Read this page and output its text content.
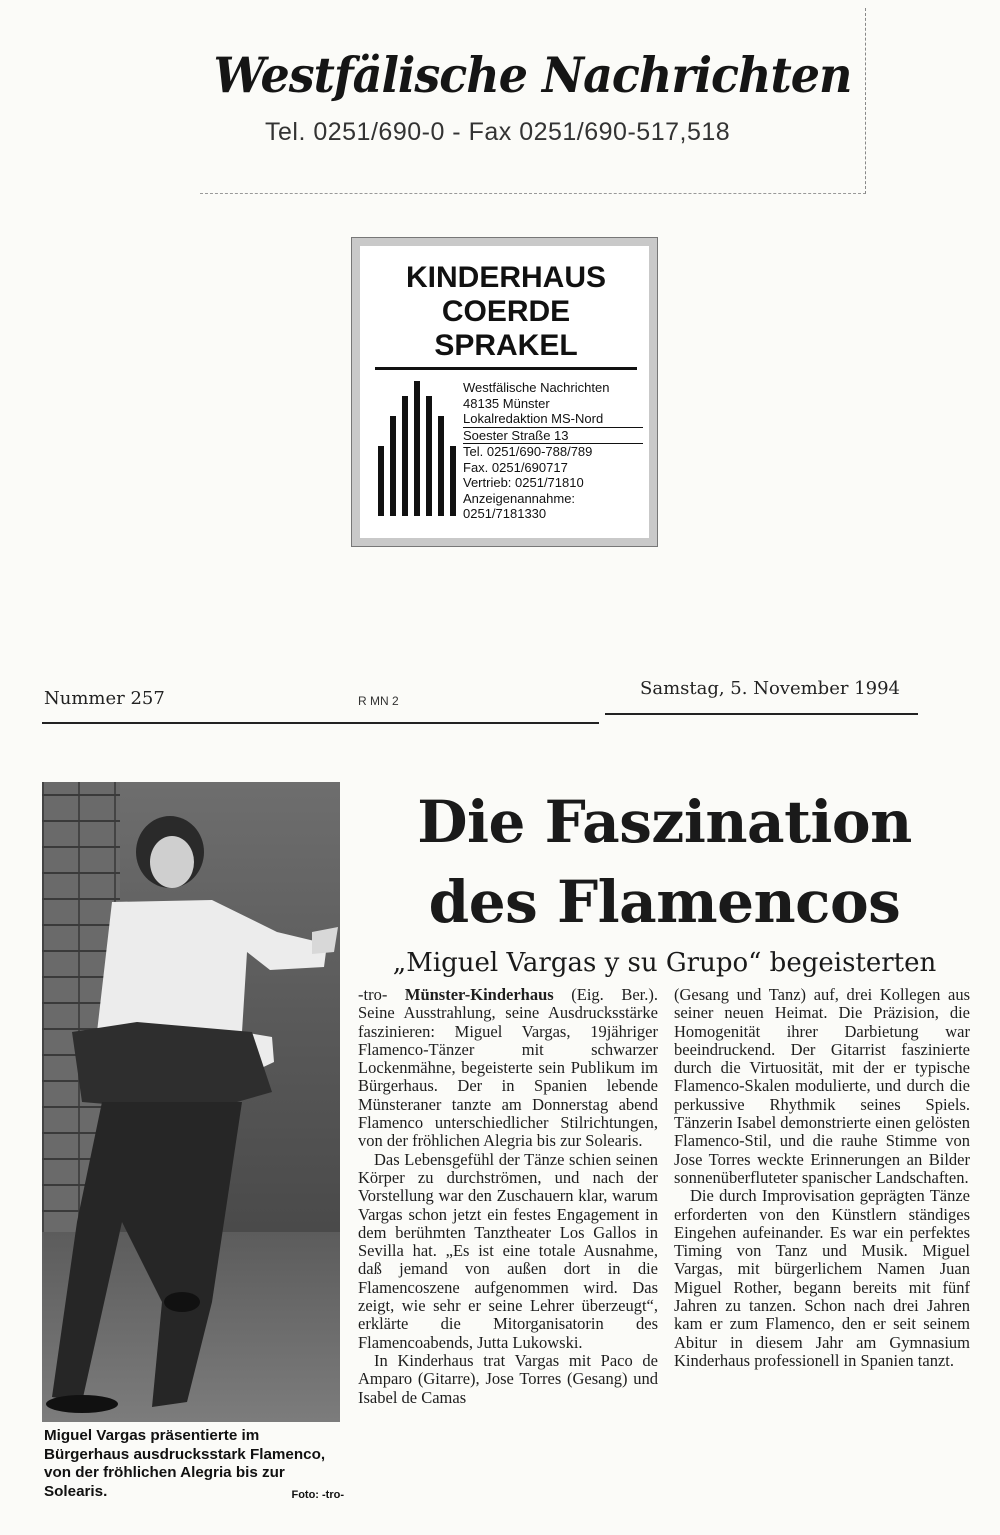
Westfälische Nachrichten
Tel. 0251/690-0 - Fax 0251/690-517,518
KINDERHAUS
COERDE
SPRAKEL
Westfälische Nachrichten
48135 Münster
Lokalredaktion MS-Nord
Soester Straße 13
Tel. 0251/690-788/789
Fax. 0251/690717
Vertrieb: 0251/71810
Anzeigenannahme:
0251/7181330
Nummer 257	R MN 2
Samstag, 5. November 1994
Miguel Vargas präsentierte im Bürgerhaus ausdrucksstark Flamenco, von der fröhlichen Alegria bis zur Solearis.	Foto: -tro-
Die Faszination
des Flamencos
„Miguel Vargas y su Grupo“ begeisterten

-tro- Münster-Kinderhaus (Eig. Ber.). Seine Ausstrahlung, seine Ausdrucksstärke faszinieren: Miguel Vargas, 19jähriger Flamenco-Tänzer mit schwarzer Lockenmähne, begeisterte sein Publikum im Bürgerhaus. Der in Spanien lebende Münsteraner tanzte am Donnerstag abend Flamenco unterschiedlicher Stilrichtungen, von der fröhlichen Alegria bis zur Solearis.

Das Lebensgefühl der Tänze schien seinen Körper zu durchströmen, und nach der Vorstellung war den Zuschauern klar, warum Vargas schon jetzt ein festes Engagement in dem berühmten Tanztheater Los Gallos in Sevilla hat. „Es ist eine totale Ausnahme, daß jemand von außen dort in die Flamencoszene aufgenommen wird. Das zeigt, wie sehr er seine Lehrer überzeugt“, erklärte die Mitorganisatorin des Flamencoabends, Jutta Lukowski.

In Kinderhaus trat Vargas mit Paco de Amparo (Gitarre), Jose Torres (Gesang) und Isabel de Camas

(Gesang und Tanz) auf, drei Kollegen aus seiner neuen Heimat. Die Präzision, die Homogenität ihrer Darbietung war beeindruckend. Der Gitarrist faszinierte durch die Virtuosität, mit der er typische Flamenco-Skalen modulierte, und durch die perkussive Rhythmik seines Spiels. Tänzerin Isabel demonstrierte einen gelösten Flamenco-Stil, und die rauhe Stimme von Jose Torres weckte Erinnerungen an Bilder sonnenüberfluteter spanischer Landschaften.

Die durch Improvisation geprägten Tänze erforderten von den Künstlern ständiges Eingehen aufeinander. Es war ein perfektes Timing von Tanz und Musik. Miguel Vargas, mit bürgerlichem Namen Juan Miguel Rother, begann bereits mit fünf Jahren zu tanzen. Schon nach drei Jahren kam er zum Flamenco, den er seit seinem Abitur in diesem Jahr am Gymnasium Kinderhaus professionell in Spanien tanzt.
